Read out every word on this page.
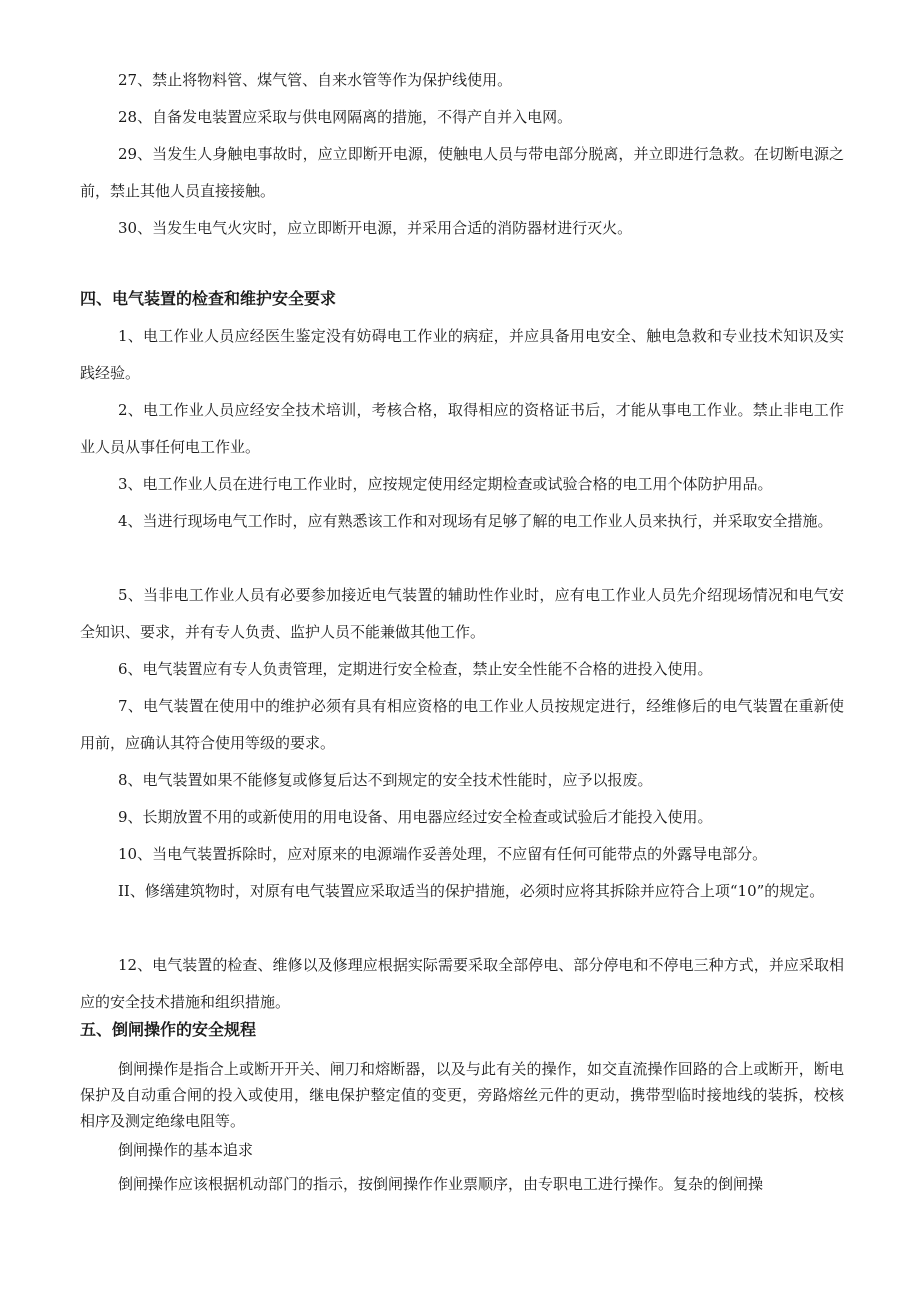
27、禁止将物料管、煤气管、自来水管等作为保护线使用。

28、自备发电装置应采取与供电网隔离的措施，不得产自并入电网。

29、当发生人身触电事故时，应立即断开电源，使触电人员与带电部分脱离，并立即进行急救。在切断电源之前，禁止其他人员直接接触。

30、当发生电气火灾时，应立即断开电源，并采用合适的消防器材进行灭火。

四、电气装置的检查和维护安全要求

1、电工作业人员应经医生鉴定没有妨碍电工作业的病症，并应具备用电安全、触电急救和专业技术知识及实践经验。

2、电工作业人员应经安全技术培训，考核合格，取得相应的资格证书后，才能从事电工作业。禁止非电工作业人员从事任何电工作业。

3、电工作业人员在进行电工作业时，应按规定使用经定期检查或试验合格的电工用个体防护用品。

4、当进行现场电气工作时，应有熟悉该工作和对现场有足够了解的电工作业人员来执行，并采取安全措施。

5、当非电工作业人员有必要参加接近电气装置的辅助性作业时，应有电工作业人员先介绍现场情况和电气安全知识、要求，并有专人负责、监护人员不能兼做其他工作。

6、电气装置应有专人负责管理，定期进行安全检查，禁止安全性能不合格的进投入使用。

7、电气装置在使用中的维护必须有具有相应资格的电工作业人员按规定进行，经维修后的电气装置在重新使用前，应确认其符合使用等级的要求。

8、电气装置如果不能修复或修复后达不到规定的安全技术性能时，应予以报废。

9、长期放置不用的或新使用的用电设备、用电器应经过安全检查或试验后才能投入使用。

10、当电气装置拆除时，应对原来的电源端作妥善处理，不应留有任何可能带点的外露导电部分。

II、修缮建筑物时，对原有电气装置应采取适当的保护措施，必须时应将其拆除并应符合上项“10”的规定。

12、电气装置的检查、维修以及修理应根据实际需要采取全部停电、部分停电和不停电三种方式，并应采取相应的安全技术措施和组织措施。

五、倒闸操作的安全规程

倒闸操作是指合上或断开开关、闸刀和熔断器，以及与此有关的操作，如交直流操作回路的合上或断开，断电保护及自动重合闸的投入或使用，继电保护整定值的变更，旁路熔丝元件的更动，携带型临时接地线的装拆，校核相序及测定绝缘电阻等。

倒闸操作的基本追求

倒闸操作应该根据机动部门的指示，按倒闸操作作业票顺序，由专职电工进行操作。复杂的倒闸操
